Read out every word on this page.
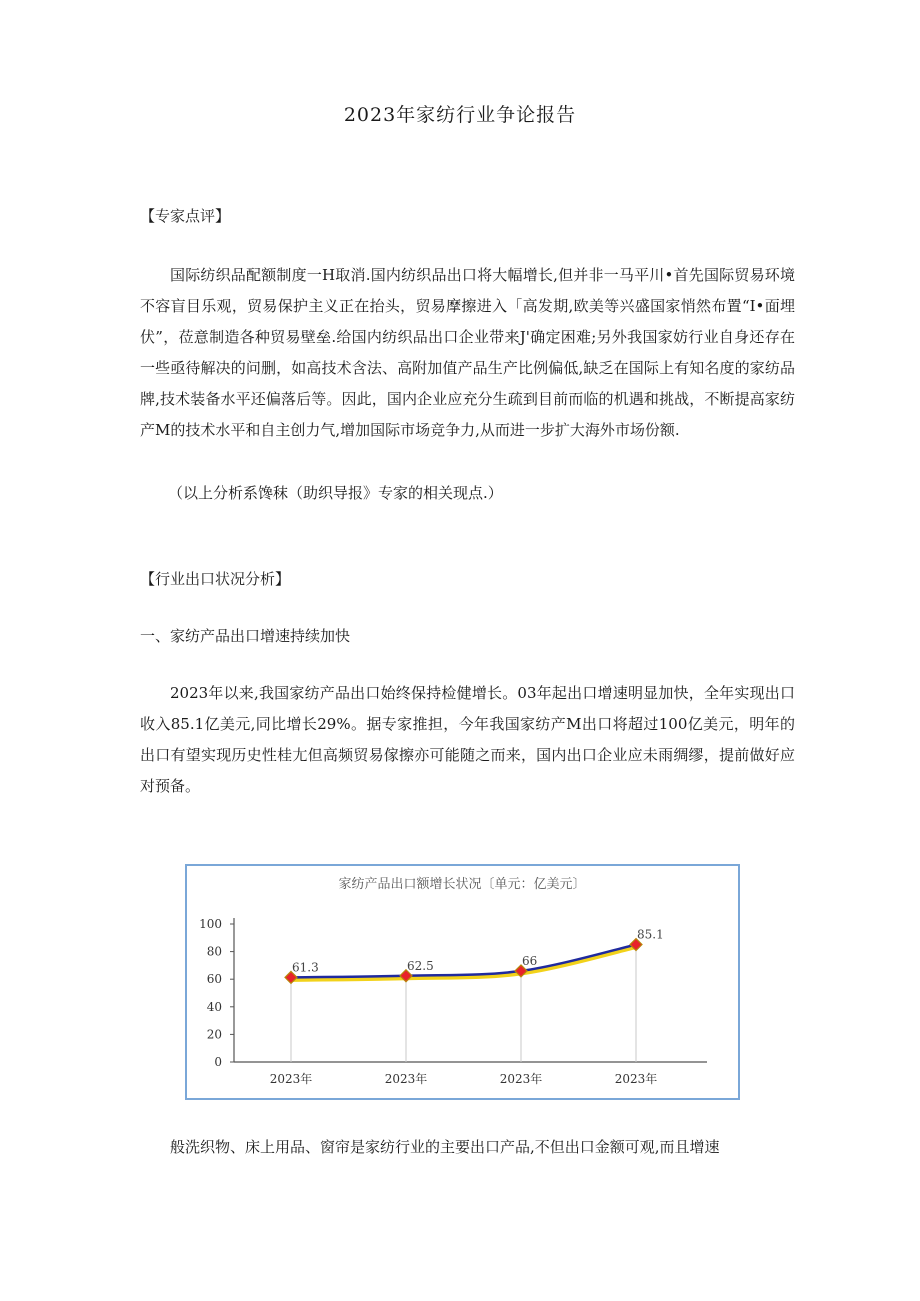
2023年家纺行业争论报告
【专家点评】

国际纺织品配额制度一H取消.国内纺织品出口将大幅增长,但并非一马平川•首先国际贸易环境不容盲目乐观，贸易保护主义正在抬头，贸易摩擦进入「高发期,欧美等兴盛国家悄然布置“I•面埋伏”，莅意制造各种贸易壁垒.给国内纺织品出口企业带来J'确定困难;另外我国家妨行业自身还存在一些亟待解决的问删，如高技术含法、高附加值产品生产比例偏低,缺乏在国际上有知名度的家纺品牌,技术装备水平还偏落后等。因此，国内企业应充分生疏到目前而临的机遇和挑战，不断提高家纺产M的技术水平和自主创力气,增加国际市场竞争力,从而进一步扩大海外市场份额.

（以上分析系馋秣（助织导报》专家的相关现点.）
【行业出口状况分析】
一、家纺产品出口增速持续加快

2023年以来,我国家纺产品出口始终保持检健增长。03年起出口增速明显加快，全年实现出口收入85.1亿美元,同比增长29%。据专家推担，今年我国家纺产M出口将超过100亿美元，明年的出口有望实现历史性桂尢但高频贸易傢擦亦可能随之而来，国内出口企业应未雨绸缪，提前做好应对预备。

家纺产品出口额增长状况〔单元：亿美元〕
0
20
40
60
80
100
2023年	2023年	2023年	2023年
61.3	62.5	66
85.1
般洗织物、床上用品、窗帘是家纺行业的主要出口产品,不但出口金额可观,而且增速
